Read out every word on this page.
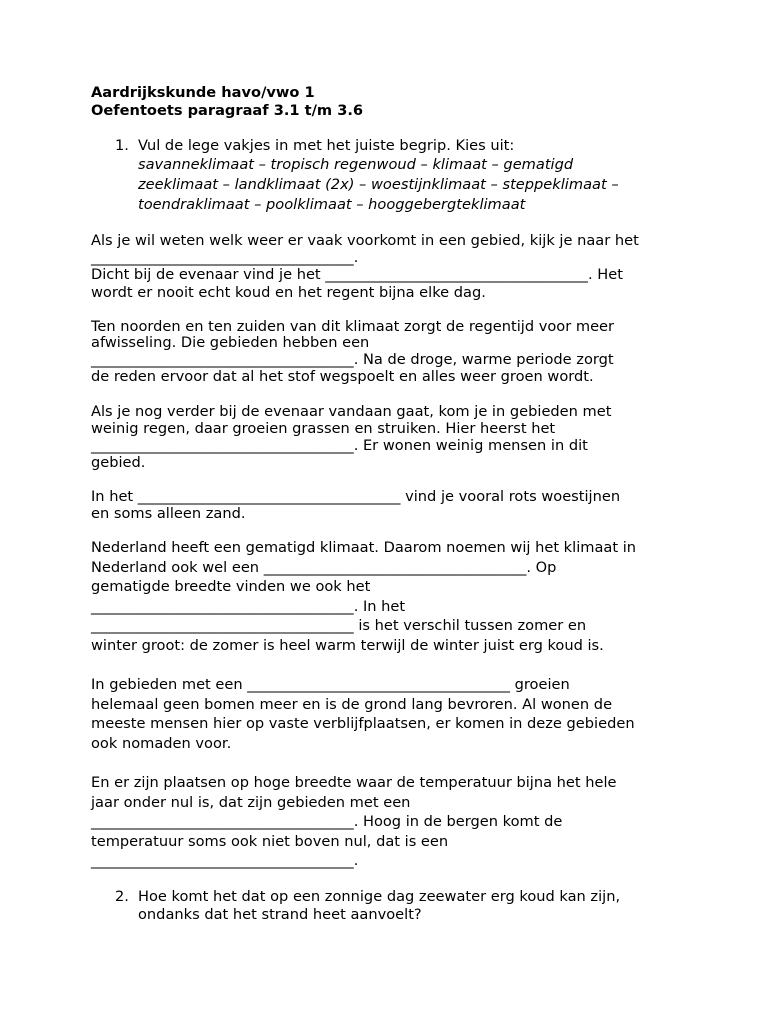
Aardrijkskunde havo/vwo 1
Oefentoets paragraaf 3.1 t/m 3.6
1. Vul de lege vakjes in met het juiste begrip. Kies uit:
savanneklimaat – tropisch regenwoud – klimaat – gematigd
zeeklimaat – landklimaat (2x) – woestijnklimaat – steppeklimaat –
toendraklimaat – poolklimaat – hooggebergteklimaat
Als je wil weten welk weer er vaak voorkomt in een gebied, kijk je naar het
____________________________________.
Dicht bij de evenaar vind je het ____________________________________. Het
wordt er nooit echt koud en het regent bijna elke dag.
Ten noorden en ten zuiden van dit klimaat zorgt de regentijd voor meer
afwisseling. Die gebieden hebben een
____________________________________. Na de droge, warme periode zorgt
de reden ervoor dat al het stof wegspoelt en alles weer groen wordt.
Als je nog verder bij de evenaar vandaan gaat, kom je in gebieden met
weinig regen, daar groeien grassen en struiken. Hier heerst het
____________________________________. Er wonen weinig mensen in dit
gebied.
In het ____________________________________ vind je vooral rots woestijnen
en soms alleen zand.
Nederland heeft een gematigd klimaat. Daarom noemen wij het klimaat in
Nederland ook wel een ____________________________________. Op
gematigde breedte vinden we ook het
____________________________________. In het
____________________________________ is het verschil tussen zomer en
winter groot: de zomer is heel warm terwijl de winter juist erg koud is.
In gebieden met een ____________________________________ groeien
helemaal geen bomen meer en is de grond lang bevroren. Al wonen de
meeste mensen hier op vaste verblijfplaatsen, er komen in deze gebieden
ook nomaden voor.
En er zijn plaatsen op hoge breedte waar de temperatuur bijna het hele
jaar onder nul is, dat zijn gebieden met een
____________________________________. Hoog in de bergen komt de
temperatuur soms ook niet boven nul, dat is een
____________________________________.
2. Hoe komt het dat op een zonnige dag zeewater erg koud kan zijn,
ondanks dat het strand heet aanvoelt?
